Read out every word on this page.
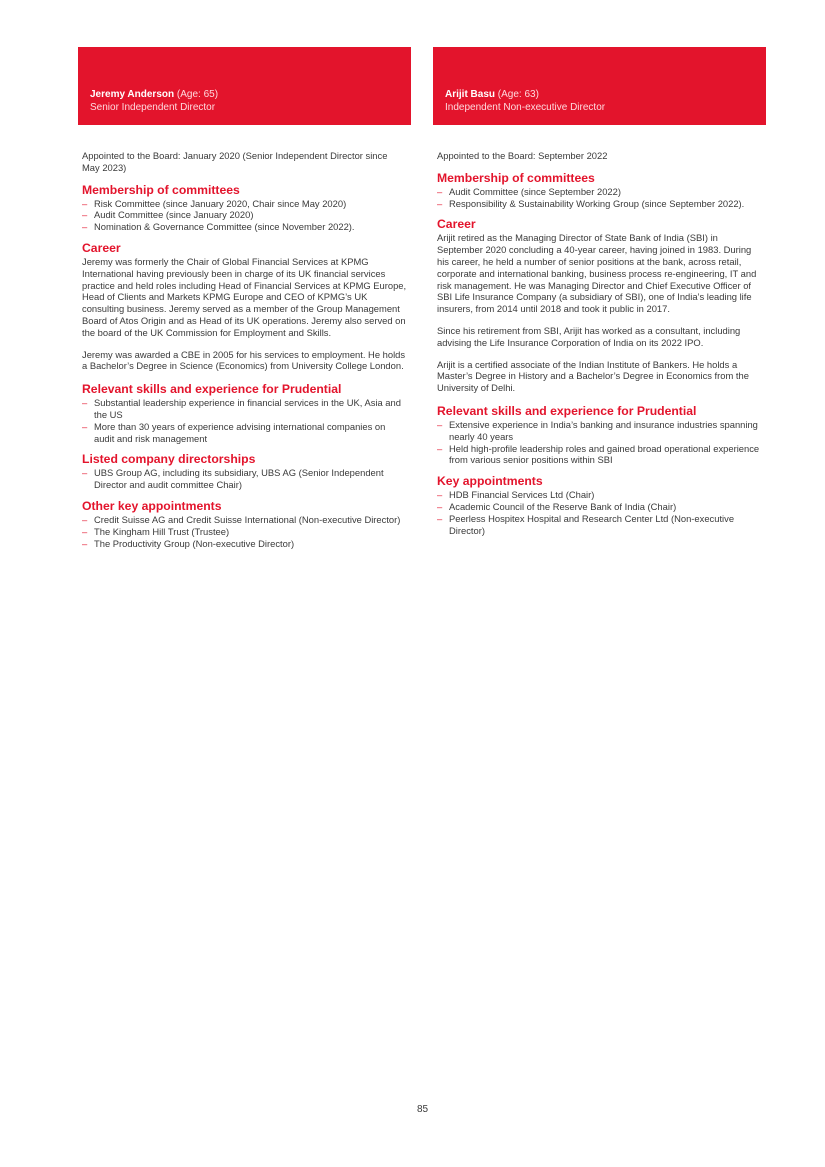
Jeremy Anderson (Age: 65)
Senior Independent Director

Appointed to the Board: January 2020 (Senior Independent Director since May 2023)

Membership of committees
– Risk Committee (since January 2020, Chair since May 2020)
– Audit Committee (since January 2020)
– Nomination & Governance Committee (since November 2022).
Career

Jeremy was formerly the Chair of Global Financial Services at KPMG International having previously been in charge of its UK financial services practice and held roles including Head of Financial Services at KPMG Europe, Head of Clients and Markets KPMG Europe and CEO of KPMG’s UK consulting business. Jeremy served as a member of the Group Management Board of Atos Origin and as Head of its UK operations. Jeremy also served on the board of the UK Commission for Employment and Skills.

Jeremy was awarded a CBE in 2005 for his services to employment. He holds a Bachelor’s Degree in Science (Economics) from University College London.

Relevant skills and experience for Prudential
– Substantial leadership experience in financial services in the UK, Asia and the US
– More than 30 years of experience advising international companies on audit and risk management
Listed company directorships
– UBS Group AG, including its subsidiary, UBS AG (Senior Independent Director and audit committee Chair)
Other key appointments
– Credit Suisse AG and Credit Suisse International (Non-executive Director)
– The Kingham Hill Trust (Trustee)
– The Productivity Group (Non-executive Director)
Arijit Basu (Age: 63)
Independent Non-executive Director

Appointed to the Board: September 2022

Membership of committees
– Audit Committee (since September 2022)
– Responsibility & Sustainability Working Group (since September 2022).
Career

Arijit retired as the Managing Director of State Bank of India (SBI) in September 2020 concluding a 40-year career, having joined in 1983. During his career, he held a number of senior positions at the bank, across retail, corporate and international banking, business process re-engineering, IT and risk management. He was Managing Director and Chief Executive Officer of SBI Life Insurance Company (a subsidiary of SBI), one of India’s leading life insurers, from 2014 until 2018 and took it public in 2017.

Since his retirement from SBI, Arijit has worked as a consultant, including advising the Life Insurance Corporation of India on its 2022 IPO.

Arijit is a certified associate of the Indian Institute of Bankers. He holds a Master’s Degree in History and a Bachelor’s Degree in Economics from the University of Delhi.

Relevant skills and experience for Prudential
– Extensive experience in India’s banking and insurance industries spanning nearly 40 years
– Held high-profile leadership roles and gained broad operational experience from various senior positions within SBI
Key appointments
– HDB Financial Services Ltd (Chair)
– Academic Council of the Reserve Bank of India (Chair)
– Peerless Hospitex Hospital and Research Center Ltd (Non-executive Director)
85
